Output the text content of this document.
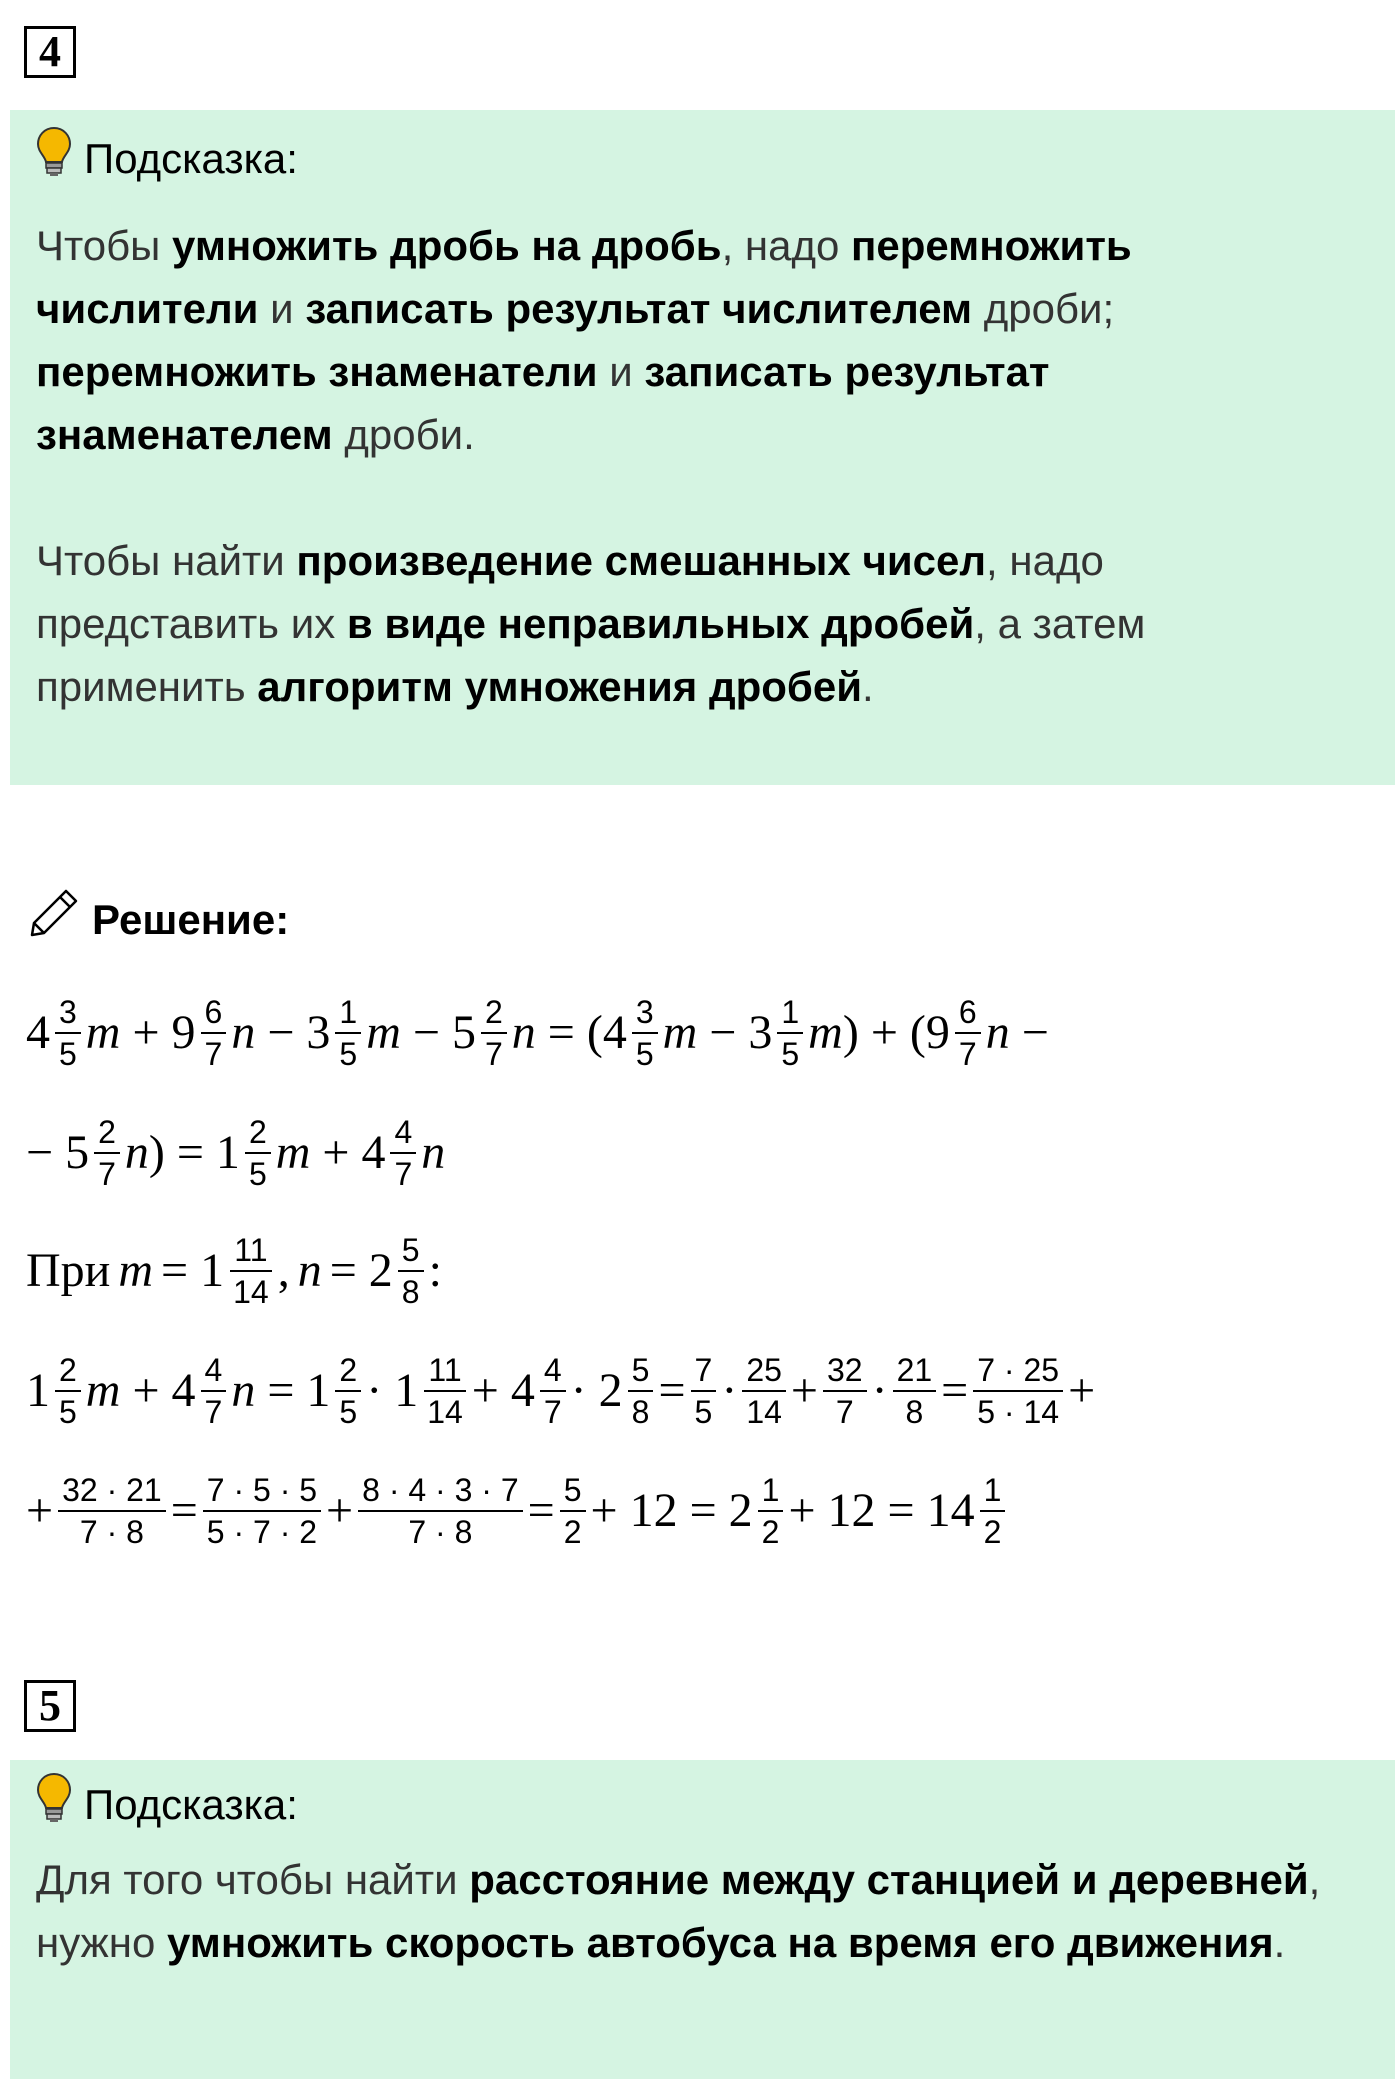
4
Подсказка:

Чтобы умножить дробь на дробь, надо перемножить числители и записать результат числителем дроби; перемножить знаменатели и записать результат знаменателем дроби.

Чтобы найти произведение смешанных чисел, надо представить их в виде неправильных дробей, а затем применить алгоритм умножения дробей.

Решение:
4 3
5 m + 9 6
7 n − 3 1
5 m − 5 2
7 n = (4 3
5 m − 3 1
5 m) + (9 6
7 n −
− 5 2
7 n) = 1 2
5 m + 4 4
7 n
При m = 1 11
14 , n = 2 5
8 :
1 2
5 m + 4 4
7 n = 1 2
5 · 1 11
14 + 4 4
$7 \cdot 2 \frac{5}{8} = \frac{7}{5} \cdot 25$
$14 + \frac{32}{7} \cdot \frac{21}{8} = \frac{7 \cdot 25}{5 \cdot 14}$ +
+ $\frac{32 \cdot 21}{7 \cdot 8} = \frac{7 \cdot 5 \cdot 5}{5 \cdot 7 \cdot 2} + \frac{8 \cdot 4 \cdot 3 \cdot 7}{7 \cdot 8} = \frac{5}{2} + 12 = 2$ 1
2 + 12 = 14 1
2
5
Подсказка:

Для того чтобы найти расстояние между станцией и деревней, нужно умножить скорость автобуса на время его движения.
